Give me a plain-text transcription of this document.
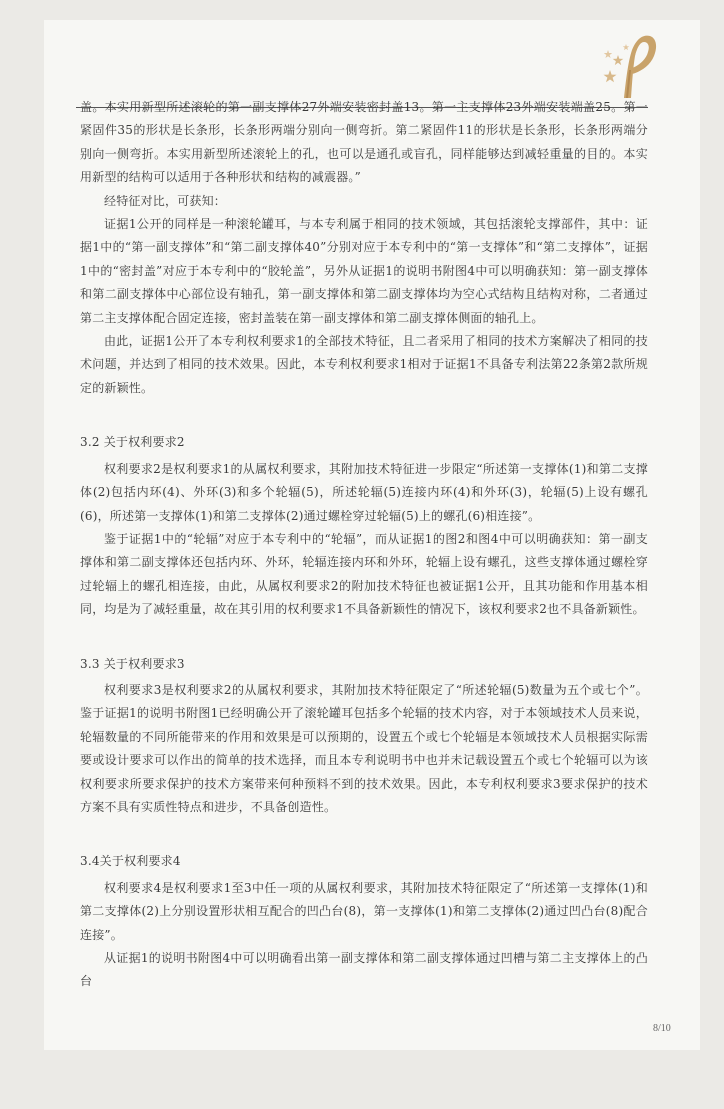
盖。本实用新型所述滚轮的第一副支撑体27外端安装密封盖13。第一主支撑体23外端安装端盖25。第一紧固件35的形状是长条形，长条形两端分别向一侧弯折。第二紧固件11的形状是长条形，长条形两端分别向一侧弯折。本实用新型所述滚轮上的孔，也可以是通孔或盲孔，同样能够达到减轻重量的目的。本实用新型的结构可以适用于各种形状和结构的减震器。”

经特征对比，可获知：

证据1公开的同样是一种滚轮罐耳，与本专利属于相同的技术领域，其包括滚轮支撑部件，其中：证据1中的“第一副支撑体”和“第二副支撑体40”分别对应于本专利中的“第一支撑体”和“第二支撑体”，证据1中的“密封盖”对应于本专利中的“胶轮盖”，另外从证据1的说明书附图4中可以明确获知：第一副支撑体和第二副支撑体中心部位设有轴孔，第一副支撑体和第二副支撑体均为空心式结构且结构对称，二者通过第二主支撑体配合固定连接，密封盖装在第一副支撑体和第二副支撑体侧面的轴孔上。

由此，证据1公开了本专利权利要求1的全部技术特征，且二者采用了相同的技术方案解决了相同的技术问题，并达到了相同的技术效果。因此，本专利权利要求1相对于证据1不具备专利法第22条第2款所规定的新颖性。

3.2 关于权利要求2

权利要求2是权利要求1的从属权利要求，其附加技术特征进一步限定“所述第一支撑体(1)和第二支撑体(2)包括内环(4)、外环(3)和多个轮辐(5)，所述轮辐(5)连接内环(4)和外环(3)，轮辐(5)上设有螺孔(6)，所述第一支撑体(1)和第二支撑体(2)通过螺栓穿过轮辐(5)上的螺孔(6)相连接”。

鉴于证据1中的“轮辐”对应于本专利中的“轮辐”，而从证据1的图2和图4中可以明确获知：第一副支撑体和第二副支撑体还包括内环、外环，轮辐连接内环和外环，轮辐上设有螺孔，这些支撑体通过螺栓穿过轮辐上的螺孔相连接，由此，从属权利要求2的附加技术特征也被证据1公开，且其功能和作用基本相同，均是为了减轻重量，故在其引用的权利要求1不具备新颖性的情况下，该权利要求2也不具备新颖性。

3.3 关于权利要求3

权利要求3是权利要求2的从属权利要求，其附加技术特征限定了“所述轮辐(5)数量为五个或七个”。鉴于证据1的说明书附图1已经明确公开了滚轮罐耳包括多个轮辐的技术内容，对于本领域技术人员来说，轮辐数量的不同所能带来的作用和效果是可以预期的，设置五个或七个轮辐是本领域技术人员根据实际需要或设计要求可以作出的简单的技术选择，而且本专利说明书中也并未记载设置五个或七个轮辐可以为该权利要求所要求保护的技术方案带来何种预料不到的技术效果。因此，本专利权利要求3要求保护的技术方案不具有实质性特点和进步，不具备创造性。

3.4关于权利要求4

权利要求4是权利要求1至3中任一项的从属权利要求，其附加技术特征限定了“所述第一支撑体(1)和第二支撑体(2)上分别设置形状相互配合的凹凸台(8)，第一支撑体(1)和第二支撑体(2)通过凹凸台(8)配合连接”。

从证据1的说明书附图4中可以明确看出第一副支撑体和第二副支撑体通过凹槽与第二主支撑体上的凸台

8/10
